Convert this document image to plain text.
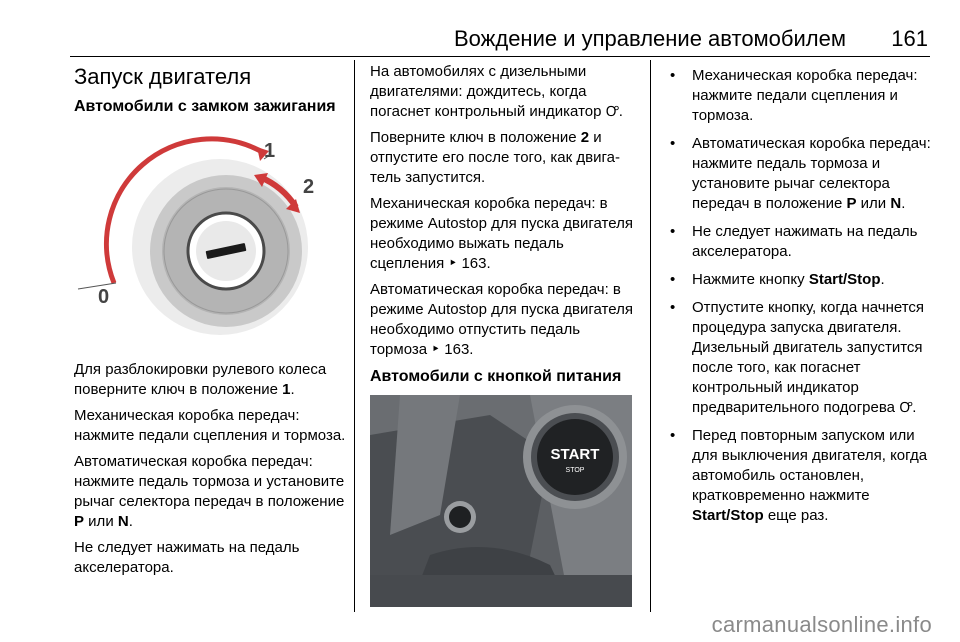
Вождение и управление автомобилем 161
Запуск двигателя
Автомобили с замком зажигания
1
2
0

Для разблокировки рулевого колеса поверните ключ в положение 1.

Механическая коробка передач: нажмите педали сцепления и тормоза.

Автоматическая коробка передач: нажмите педаль тормоза и установите рычаг селектора передач в положение P или N.

Не следует нажимать на педаль акселератора.

На автомобилях с дизельными двигателями: дождитесь, когда погаснет контрольный индикатор Ꝍ.

Поверните ключ в положение 2 и отпустите его после того, как двигатель запустится.

Механическая коробка передач: в режиме Autostop для пуска двигателя необходимо выжать педаль сцепления ‣ 163.

Автоматическая коробка передач: в режиме Autostop для пуска двигателя необходимо отпустить педаль тормоза ‣ 163.

Автомобили с кнопкой питания
START
STOP
• Механическая коробка передач: нажмите педали сцепления и тормоза.
• Автоматическая коробка передач: нажмите педаль тормоза и установите рычаг селектора передач в положение P или N.
• Не следует нажимать на педаль акселератора.
• Нажмите кнопку Start/Stop.
• Отпустите кнопку, когда начнется процедура запуска двигателя. Дизельный двигатель запустится после того, как погаснет контрольный индикатор предварительного подогрева Ꝍ.
• Перед повторным запуском или для выключения двигателя, когда автомобиль остановлен, кратковременно нажмите Start/Stop еще раз.
carmanualsonline.info
